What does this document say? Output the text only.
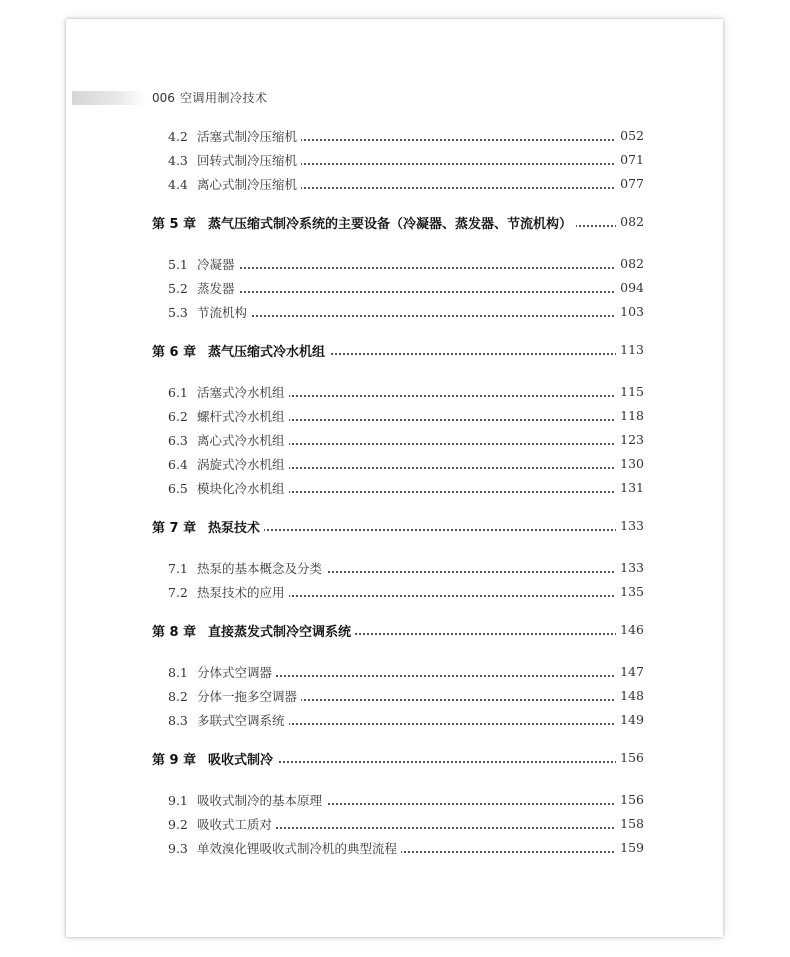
006 空调用制冷技术
4.2 活塞式制冷压缩机	052
4.3 回转式制冷压缩机	071
4.4 离心式制冷压缩机	077
第 5 章 蒸气压缩式制冷系统的主要设备（冷凝器、蒸发器、节流机构）	082
5.1 冷凝器	082
5.2 蒸发器	094
5.3 节流机构	103
第 6 章 蒸气压缩式冷水机组	113
6.1 活塞式冷水机组	115
6.2 螺杆式冷水机组	118
6.3 离心式冷水机组	123
6.4 涡旋式冷水机组	130
6.5 模块化冷水机组	131
第 7 章 热泵技术	133
7.1 热泵的基本概念及分类	133
7.2 热泵技术的应用	135
第 8 章 直接蒸发式制冷空调系统	146
8.1 分体式空调器	147
8.2 分体一拖多空调器	148
8.3 多联式空调系统	149
第 9 章 吸收式制冷	156
9.1 吸收式制冷的基本原理	156
9.2 吸收式工质对	158
9.3 单效溴化锂吸收式制冷机的典型流程	159
